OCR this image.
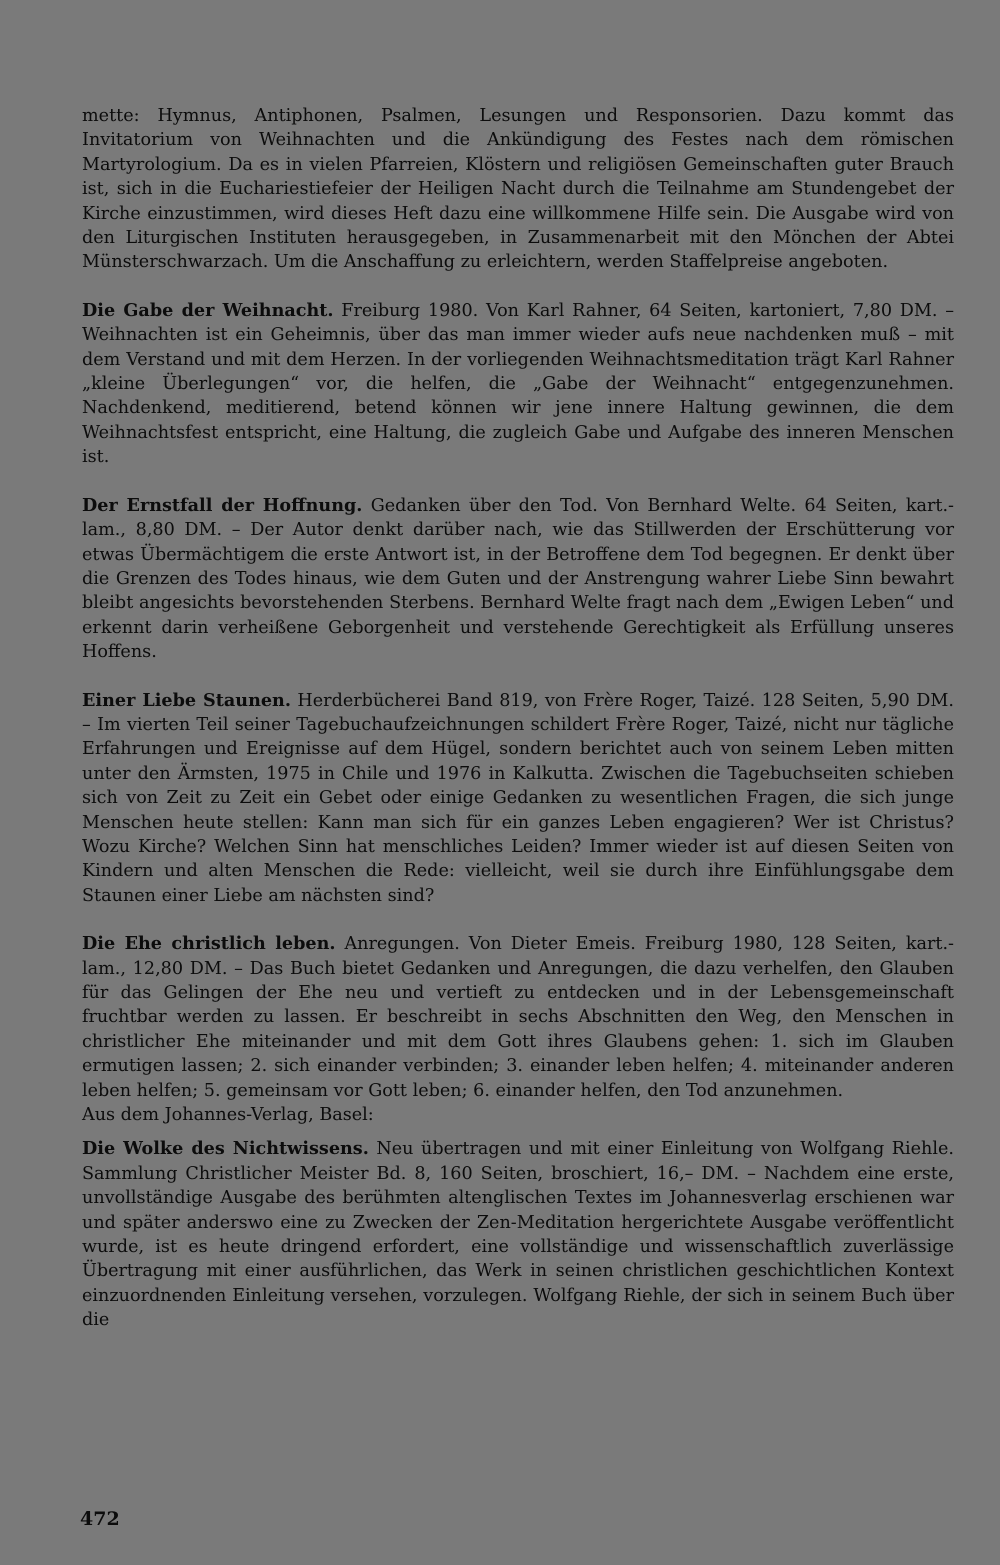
mette: Hymnus, Antiphonen, Psalmen, Lesungen und Responsorien. Dazu kommt das Invitatorium von Weihnachten und die Ankündigung des Festes nach dem römischen Martyrologium. Da es in vielen Pfarreien, Klöstern und religiösen Gemeinschaften guter Brauch ist, sich in die Euchariestiefeier der Heiligen Nacht durch die Teilnahme am Stundengebet der Kirche einzustimmen, wird dieses Heft dazu eine willkommene Hilfe sein. Die Ausgabe wird von den Liturgischen Instituten herausgegeben, in Zusammenarbeit mit den Mönchen der Abtei Münsterschwarzach. Um die Anschaffung zu erleichtern, werden Staffelpreise angeboten.

Die Gabe der Weihnacht. Freiburg 1980. Von Karl Rahner, 64 Seiten, kartoniert, 7,80 DM. – Weihnachten ist ein Geheimnis, über das man immer wieder aufs neue nachdenken muß – mit dem Verstand und mit dem Herzen. In der vorliegenden Weihnachtsmeditation trägt Karl Rahner „kleine Überlegungen“ vor, die helfen, die „Gabe der Weihnacht“ entgegenzunehmen. Nachdenkend, meditierend, betend können wir jene innere Haltung gewinnen, die dem Weihnachtsfest entspricht, eine Haltung, die zugleich Gabe und Aufgabe des inneren Menschen ist.

Der Ernstfall der Hoffnung. Gedanken über den Tod. Von Bernhard Welte. 64 Seiten, kart.-lam., 8,80 DM. – Der Autor denkt darüber nach, wie das Stillwerden der Erschütterung vor etwas Übermächtigem die erste Antwort ist, in der Betroffene dem Tod begegnen. Er denkt über die Grenzen des Todes hinaus, wie dem Guten und der Anstrengung wahrer Liebe Sinn bewahrt bleibt angesichts bevorstehenden Sterbens. Bernhard Welte fragt nach dem „Ewigen Leben“ und erkennt darin verheißene Geborgenheit und verstehende Gerechtigkeit als Erfüllung unseres Hoffens.

Einer Liebe Staunen. Herderbücherei Band 819, von Frère Roger, Taizé. 128 Seiten, 5,90 DM. – Im vierten Teil seiner Tagebuchaufzeichnungen schildert Frère Roger, Taizé, nicht nur tägliche Erfahrungen und Ereignisse auf dem Hügel, sondern berichtet auch von seinem Leben mitten unter den Ärmsten, 1975 in Chile und 1976 in Kalkutta. Zwischen die Tagebuchseiten schieben sich von Zeit zu Zeit ein Gebet oder einige Gedanken zu wesentlichen Fragen, die sich junge Menschen heute stellen: Kann man sich für ein ganzes Leben engagieren? Wer ist Christus? Wozu Kirche? Welchen Sinn hat menschliches Leiden? Immer wieder ist auf diesen Seiten von Kindern und alten Menschen die Rede: vielleicht, weil sie durch ihre Einfühlungsgabe dem Staunen einer Liebe am nächsten sind?

Die Ehe christlich leben. Anregungen. Von Dieter Emeis. Freiburg 1980, 128 Seiten, kart.-lam., 12,80 DM. – Das Buch bietet Gedanken und Anregungen, die dazu verhelfen, den Glauben für das Gelingen der Ehe neu und vertieft zu entdecken und in der Lebensgemeinschaft fruchtbar werden zu lassen. Er beschreibt in sechs Abschnitten den Weg, den Menschen in christlicher Ehe miteinander und mit dem Gott ihres Glaubens gehen: 1. sich im Glauben ermutigen lassen; 2. sich einander verbinden; 3. einander leben helfen; 4. miteinander anderen leben helfen; 5. gemeinsam vor Gott leben; 6. einander helfen, den Tod anzunehmen.

Aus dem Johannes-Verlag, Basel:

Die Wolke des Nichtwissens. Neu übertragen und mit einer Einleitung von Wolfgang Riehle. Sammlung Christlicher Meister Bd. 8, 160 Seiten, broschiert, 16,– DM. – Nachdem eine erste, unvollständige Ausgabe des berühmten altenglischen Textes im Johannesverlag erschienen war und später anderswo eine zu Zwecken der Zen-Meditation hergerichtete Ausgabe veröffentlicht wurde, ist es heute dringend erfordert, eine vollständige und wissenschaftlich zuverlässige Übertragung mit einer ausführlichen, das Werk in seinen christlichen geschichtlichen Kontext einzuordnenden Einleitung versehen, vorzulegen. Wolfgang Riehle, der sich in seinem Buch über die

472
